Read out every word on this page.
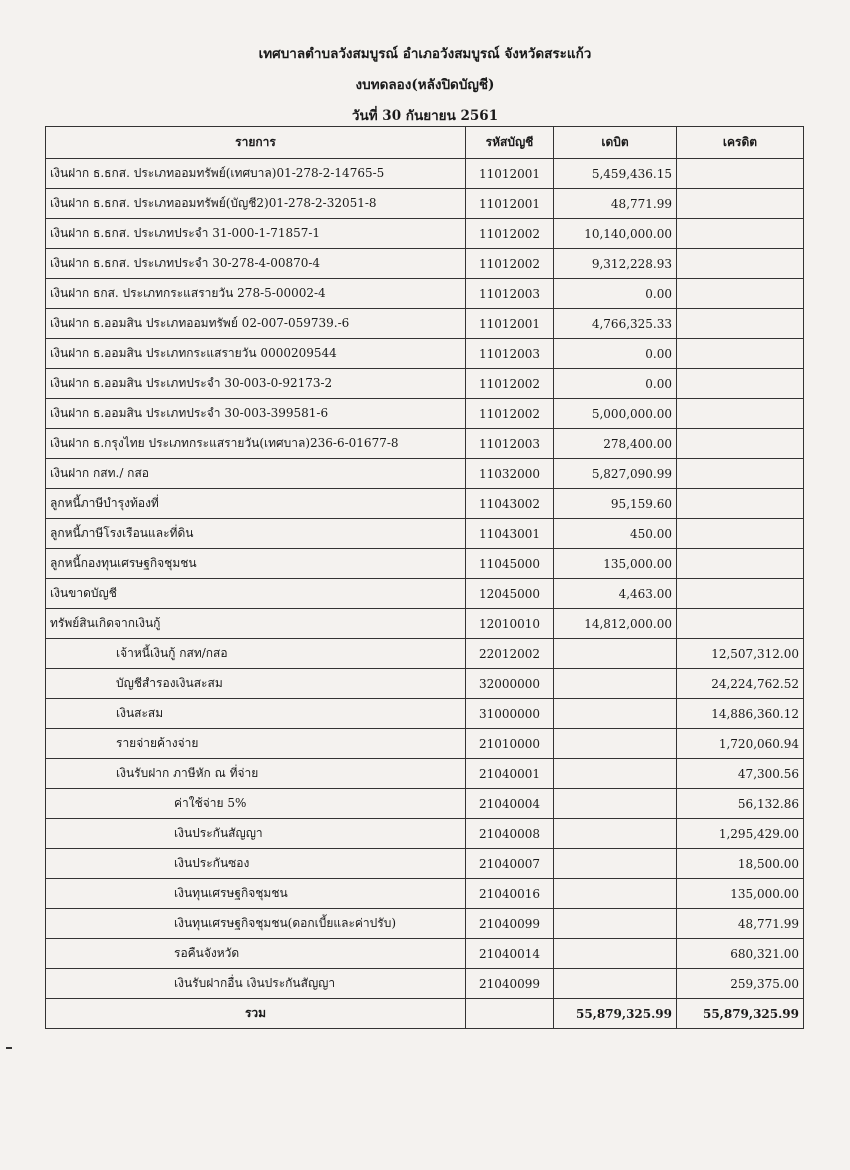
เทศบาลตำบลวังสมบูรณ์ อำเภอวังสมบูรณ์ จังหวัดสระแก้ว
งบทดลอง(หลังปิดบัญชี)
วันที่ 30 กันยายน 2561
รายการ	รหัสบัญชี	เดบิต	เครดิต
เงินฝาก ธ.ธกส. ประเภทออมทรัพย์(เทศบาล)01-278-2-14765-5	11012001	5,459,436.15	
เงินฝาก ธ.ธกส. ประเภทออมทรัพย์(บัญชี2)01-278-2-32051-8	11012001	48,771.99	
เงินฝาก ธ.ธกส. ประเภทประจำ 31-000-1-71857-1	11012002	10,140,000.00	
เงินฝาก ธ.ธกส. ประเภทประจำ 30-278-4-00870-4	11012002	9,312,228.93	
เงินฝาก ธกส. ประเภทกระแสรายวัน 278-5-00002-4	11012003	0.00	
เงินฝาก ธ.ออมสิน ประเภทออมทรัพย์ 02-007-059739.-6	11012001	4,766,325.33	
เงินฝาก ธ.ออมสิน ประเภทกระแสรายวัน 0000209544	11012003	0.00	
เงินฝาก ธ.ออมสิน ประเภทประจำ 30-003-0-92173-2	11012002	0.00	
เงินฝาก ธ.ออมสิน ประเภทประจำ 30-003-399581-6	11012002	5,000,000.00	
เงินฝาก ธ.กรุงไทย ประเภทกระแสรายวัน(เทศบาล)236-6-01677-8	11012003	278,400.00	
เงินฝาก กสท./ กสอ	11032000	5,827,090.99	
ลูกหนี้ภาษีบำรุงท้องที่	11043002	95,159.60	
ลูกหนี้ภาษีโรงเรือนและที่ดิน	11043001	450.00	
ลูกหนี้กองทุนเศรษฐกิจชุมชน	11045000	135,000.00	
เงินขาดบัญชี	12045000	4,463.00	
ทรัพย์สินเกิดจากเงินกู้	12010010	14,812,000.00	
เจ้าหนี้เงินกู้ กสท/กสอ	22012002		12,507,312.00
บัญชีสำรองเงินสะสม	32000000		24,224,762.52
เงินสะสม	31000000		14,886,360.12
รายจ่ายค้างจ่าย	21010000		1,720,060.94
เงินรับฝาก ภาษีหัก ณ ที่จ่าย	21040001		47,300.56
ค่าใช้จ่าย 5%	21040004		56,132.86
เงินประกันสัญญา	21040008		1,295,429.00
เงินประกันซอง	21040007		18,500.00
เงินทุนเศรษฐกิจชุมชน	21040016		135,000.00
เงินทุนเศรษฐกิจชุมชน(ดอกเบี้ยและค่าปรับ)	21040099		48,771.99
รอคืนจังหวัด	21040014		680,321.00
เงินรับฝากอื่น เงินประกันสัญญา	21040099		259,375.00
รวม		55,879,325.99	55,879,325.99
